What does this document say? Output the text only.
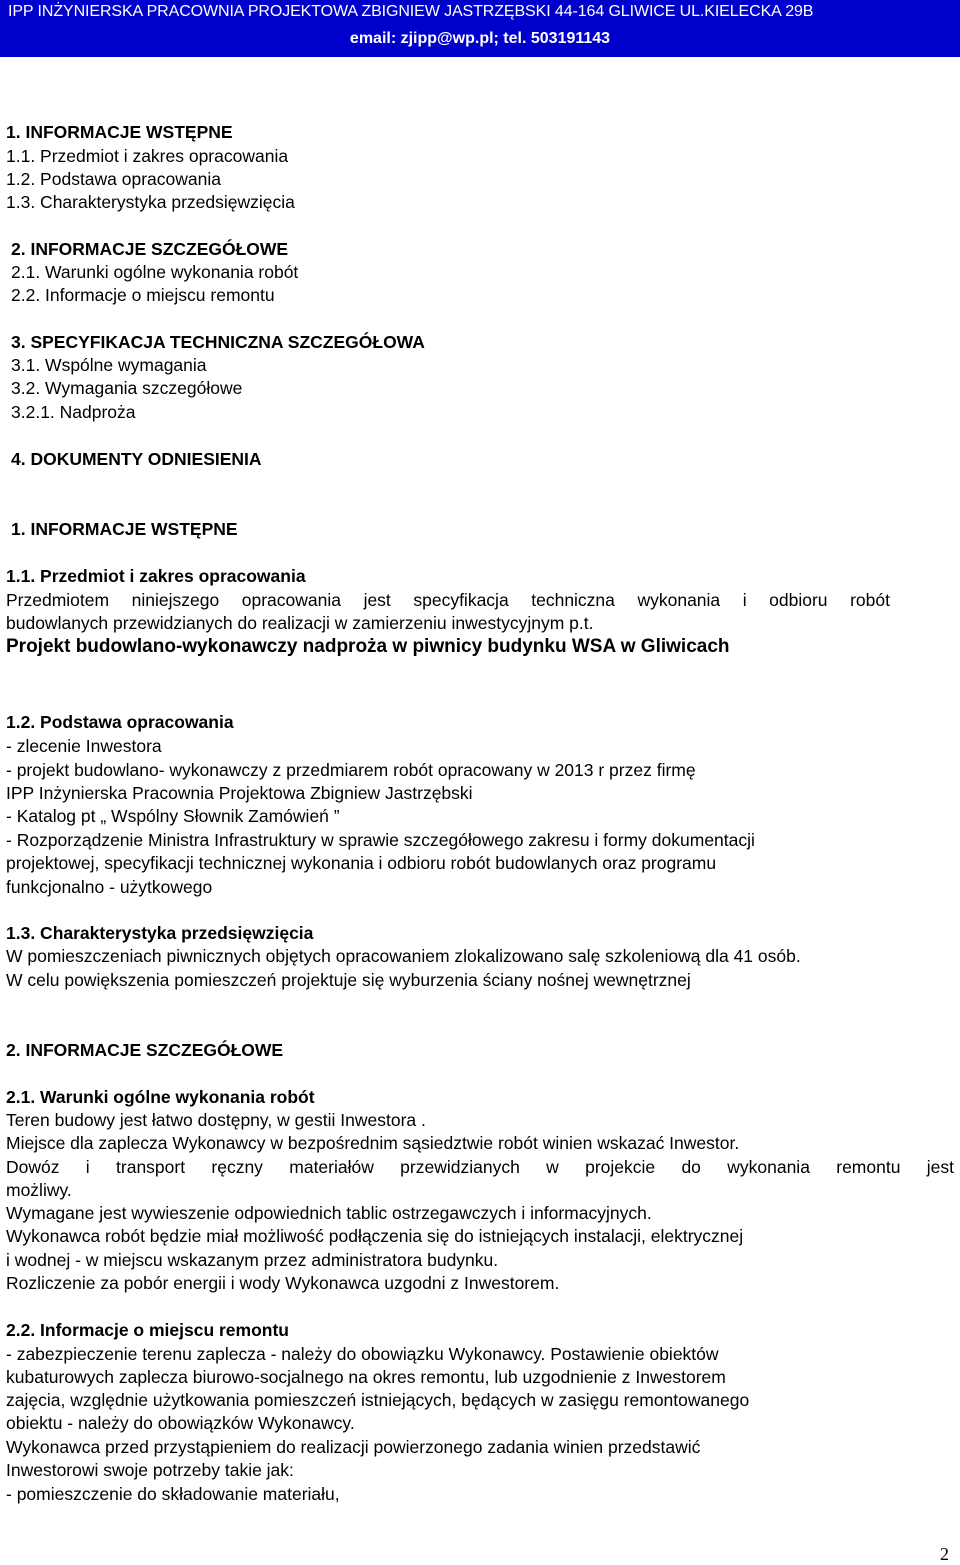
IPP INŻYNIERSKA PRACOWNIA PROJEKTOWA ZBIGNIEW JASTRZĘBSKI 44-164 GLIWICE UL.KIELECKA 29B
email: zjipp@wp.pl; tel. 503191143
1. INFORMACJE WSTĘPNE
1.1. Przedmiot i zakres opracowania
1.2. Podstawa opracowania
1.3. Charakterystyka przedsięwzięcia
2. INFORMACJE SZCZEGÓŁOWE
2.1. Warunki ogólne wykonania robót
2.2. Informacje o miejscu remontu
3. SPECYFIKACJA TECHNICZNA SZCZEGÓŁOWA
3.1. Wspólne wymagania
3.2. Wymagania szczegółowe
3.2.1. Nadproża
4. DOKUMENTY ODNIESIENIA
1. INFORMACJE WSTĘPNE
1.1. Przedmiot i zakres opracowania
Przedmiotem niniejszego opracowania jest specyfikacja techniczna wykonania i odbioru robót
budowlanych przewidzianych do realizacji w zamierzeniu inwestycyjnym p.t.
Projekt budowlano-wykonawczy nadproża w piwnicy budynku WSA w Gliwicach
1.2. Podstawa opracowania
- zlecenie Inwestora
- projekt budowlano- wykonawczy z przedmiarem robót opracowany w 2013 r przez firmę
IPP Inżynierska Pracownia Projektowa Zbigniew Jastrzębski
- Katalog pt „ Wspólny Słownik Zamówień ”
- Rozporządzenie Ministra Infrastruktury w sprawie szczegółowego zakresu i formy dokumentacji
projektowej, specyfikacji technicznej wykonania i odbioru robót budowlanych oraz programu
funkcjonalno - użytkowego
1.3. Charakterystyka przedsięwzięcia
W pomieszczeniach piwnicznych objętych opracowaniem zlokalizowano salę szkoleniową dla 41 osób.
W celu powiększenia pomieszczeń projektuje się wyburzenia ściany nośnej wewnętrznej
2. INFORMACJE SZCZEGÓŁOWE
2.1. Warunki ogólne wykonania robót
Teren budowy jest łatwo dostępny, w gestii Inwestora .
Miejsce dla zaplecza Wykonawcy w bezpośrednim sąsiedztwie robót winien wskazać Inwestor.
Dowóz i transport ręczny materiałów przewidzianych w projekcie do wykonania remontu jest
możliwy.
Wymagane jest wywieszenie odpowiednich tablic ostrzegawczych i informacyjnych.
Wykonawca robót będzie miał możliwość podłączenia się do istniejących instalacji, elektrycznej
i wodnej - w miejscu wskazanym przez administratora budynku.
Rozliczenie za pobór energii i wody Wykonawca uzgodni z Inwestorem.
2.2. Informacje o miejscu remontu
- zabezpieczenie terenu zaplecza - należy do obowiązku Wykonawcy. Postawienie obiektów
kubaturowych zaplecza biurowo-socjalnego na okres remontu, lub uzgodnienie z Inwestorem
zajęcia, względnie użytkowania pomieszczeń istniejących, będących w zasięgu remontowanego
obiektu - należy do obowiązków Wykonawcy.
Wykonawca przed przystąpieniem do realizacji powierzonego zadania winien przedstawić
Inwestorowi swoje potrzeby takie jak:
- pomieszczenie do składowanie materiału,
2
